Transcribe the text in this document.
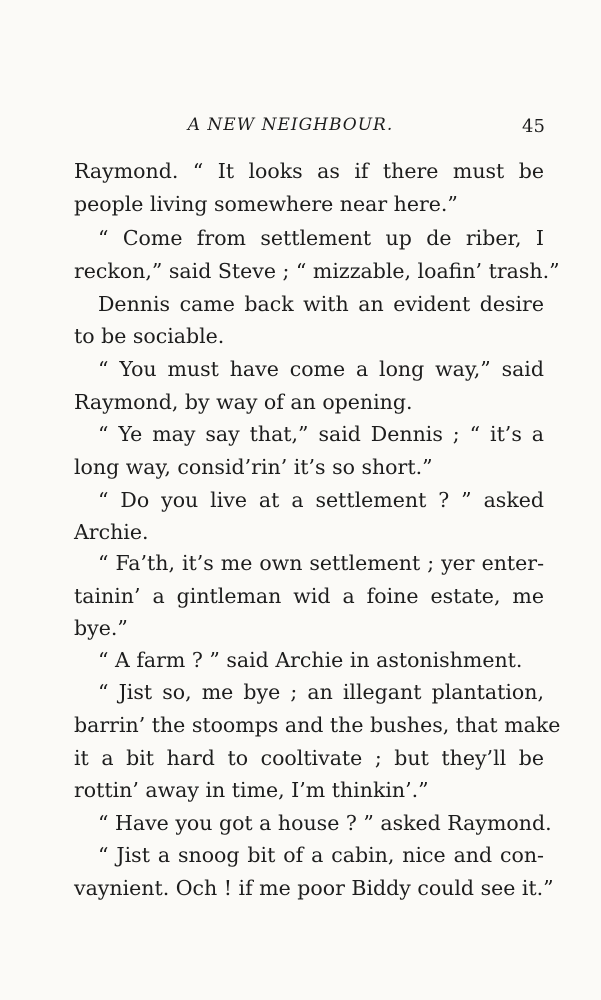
A NEW NEIGHBOUR.	45
Raymond. “ It looks as if there must be
people living somewhere near here.”
“ Come from settlement up de riber, I
reckon,” said Steve ; “ mizzable, loafin’ trash.”
Dennis came back with an evident desire
to be sociable.
“ You must have come a long way,” said
Raymond, by way of an opening.
“ Ye may say that,” said Dennis ; “ it’s a
long way, consid’rin’ it’s so short.”
“ Do you live at a settlement ? ” asked
Archie.
“ Fa’th, it’s me own settlement ; yer enter-
tainin’ a gintleman wid a foine estate, me
bye.”
“ A farm ? ” said Archie in astonishment.
“ Jist so, me bye ; an illegant plantation,
barrin’ the stoomps and the bushes, that make
it a bit hard to cooltivate ; but they’ll be
rottin’ away in time, I’m thinkin’.”
“ Have you got a house ? ” asked Raymond.
“ Jist a snoog bit of a cabin, nice and con-
vaynient. Och ! if me poor Biddy could see it.”
